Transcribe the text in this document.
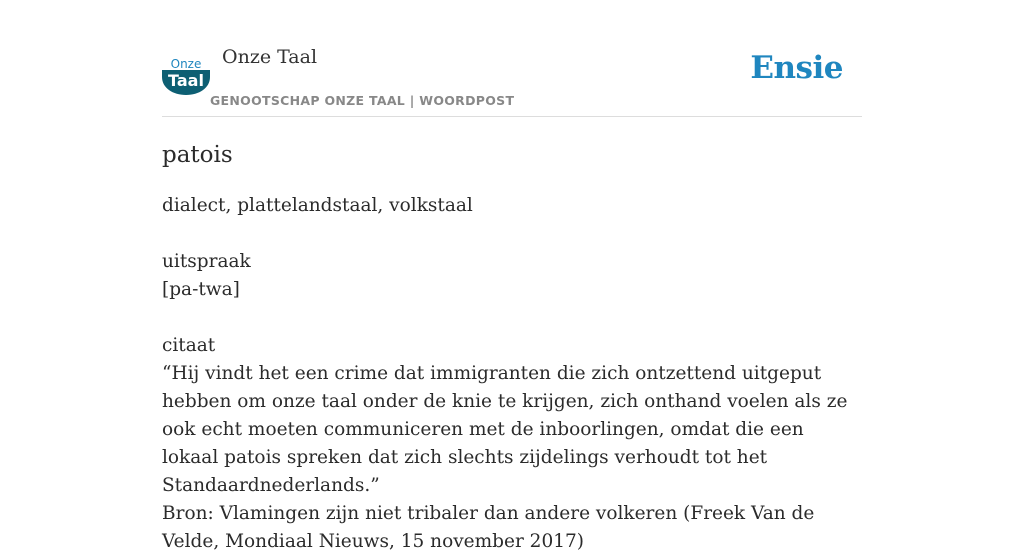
Onze
Taal
Onze Taal
GENOOTSCHAP ONZE TAAL | WOORDPOST
Ensie
patois

dialect, plattelandstaal, volkstaal

uitspraak
[pa-twa]

citaat
“Hij vindt het een crime dat immigranten die zich ontzettend uitgeput hebben om onze taal onder de knie te krijgen, zich onthand voelen als ze ook echt moeten communiceren met de inboorlingen, omdat die een lokaal patois spreken dat zich slechts zijdelings verhoudt tot het Standaardnederlands.”
Bron: Vlamingen zijn niet tribaler dan andere volkeren (Freek Van de Velde, Mondiaal Nieuws, 15 november 2017)
